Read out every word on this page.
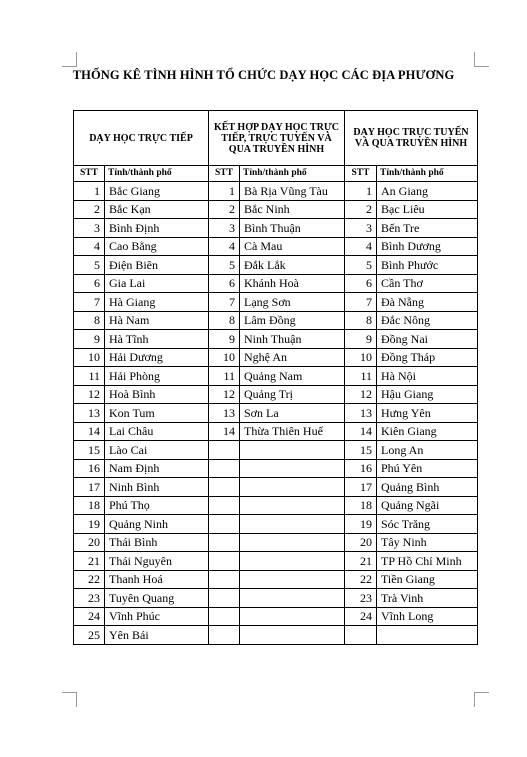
THỐNG KÊ TÌNH HÌNH TỔ CHỨC DẠY HỌC CÁC ĐỊA PHƯƠNG
DẠY HỌC TRỰC TIẾP		KẾT HỢP DẠY HỌC TRỰC TIẾP, TRỰC TUYẾN VÀ QUA TRUYỀN HÌNH		DẠY HỌC TRỰC TUYẾN VÀ QUA TRUYỀN HÌNH	
STT	Tỉnh/thành phố	STT	Tỉnh/thành phố	STT	Tỉnh/thành phố
1	Bắc Giang	1	Bà Rịa Vũng Tàu	1	An Giang
2	Bắc Kạn	2	Bắc Ninh	2	Bạc Liêu
3	Bình Định	3	Bình Thuận	3	Bến Tre
4	Cao Bằng	4	Cà Mau	4	Bình Dương
5	Điện Biên	5	Đắk Lắk	5	Bình Phước
6	Gia Lai	6	Khánh Hoà	6	Cần Thơ
7	Hà Giang	7	Lạng Sơn	7	Đà Nẵng
8	Hà Nam	8	Lâm Đồng	8	Đắc Nông
9	Hà Tĩnh	9	Ninh Thuận	9	Đồng Nai
10	Hải Dương	10	Nghệ An	10	Đồng Tháp
11	Hải Phòng	11	Quảng Nam	11	Hà Nội
12	Hoà Bình	12	Quảng Trị	12	Hậu Giang
13	Kon Tum	13	Sơn La	13	Hưng Yên
14	Lai Châu	14	Thừa Thiên Huế	14	Kiên Giang
15	Lào Cai			15	Long An
16	Nam Định			16	Phú Yên
17	Ninh Bình			17	Quảng Bình
18	Phú Thọ			18	Quảng Ngãi
19	Quảng Ninh			19	Sóc Trăng
20	Thái Bình			20	Tây Ninh
21	Thái Nguyên			21	TP Hồ Chí Minh
22	Thanh Hoá			22	Tiền Giang
23	Tuyên Quang			23	Trà Vinh
24	Vĩnh Phúc			24	Vĩnh Long
25	Yên Bái				
